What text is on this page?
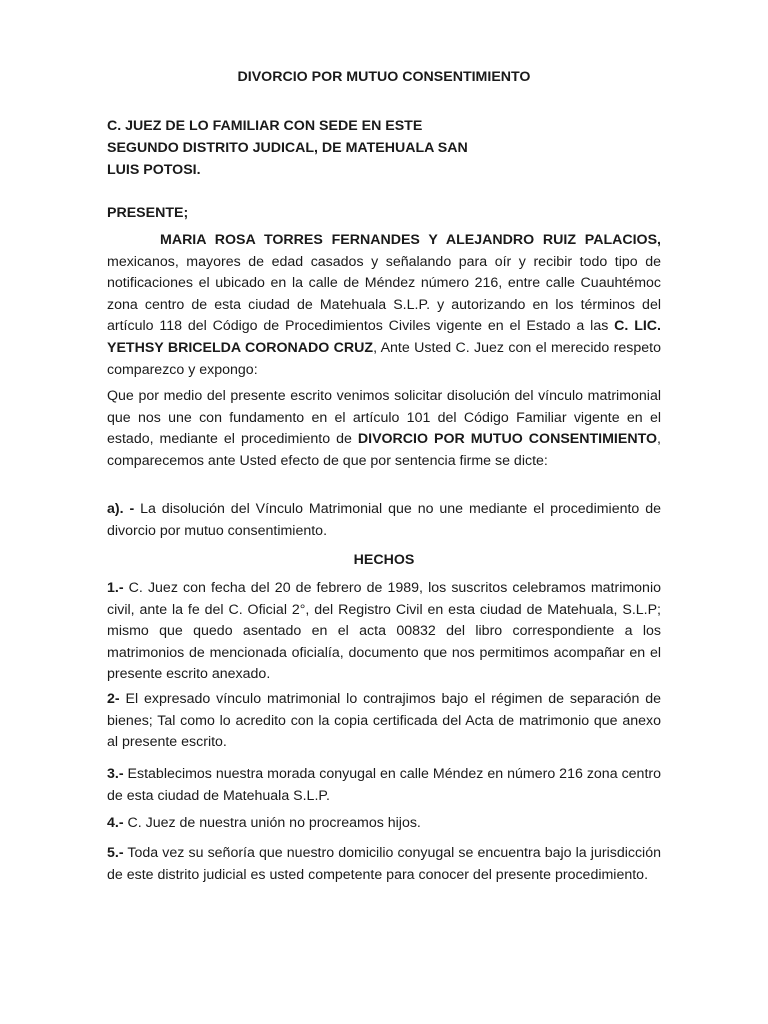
DIVORCIO POR MUTUO CONSENTIMIENTO
C. JUEZ DE LO FAMILIAR CON SEDE EN ESTE
SEGUNDO DISTRITO JUDICAL, DE MATEHUALA SAN
LUIS POTOSI.
PRESENTE;
MARIA ROSA TORRES FERNANDES Y ALEJANDRO RUIZ PALACIOS, mexicanos, mayores de edad casados y señalando para oír y recibir todo tipo de notificaciones el ubicado en la calle de Méndez número 216, entre calle Cuauhtémoc zona centro de esta ciudad de Matehuala S.L.P. y autorizando en los términos del artículo 118 del Código de Procedimientos Civiles vigente en el Estado a las C. LIC. YETHSY BRICELDA CORONADO CRUZ, Ante Usted C. Juez con el merecido respeto comparezco y expongo:
Que por medio del presente escrito venimos solicitar disolución del vínculo matrimonial que nos une con fundamento en el artículo 101 del Código Familiar vigente en el estado, mediante el procedimiento de DIVORCIO POR MUTUO CONSENTIMIENTO, comparecemos ante Usted efecto de que por sentencia firme se dicte:
a). - La disolución del Vínculo Matrimonial que no une mediante el procedimiento de divorcio por mutuo consentimiento.
HECHOS
1.- C. Juez con fecha del 20 de febrero de 1989, los suscritos celebramos matrimonio civil, ante la fe del C. Oficial 2°, del Registro Civil en esta ciudad de Matehuala, S.L.P; mismo que quedo asentado en el acta 00832 del libro correspondiente a los matrimonios de mencionada oficialía, documento que nos permitimos acompañar en el presente escrito anexado.
2- El expresado vínculo matrimonial lo contrajimos bajo el régimen de separación de bienes; Tal como lo acredito con la copia certificada del Acta de matrimonio que anexo al presente escrito.
3.- Establecimos nuestra morada conyugal en calle Méndez en número 216 zona centro de esta ciudad de Matehuala S.L.P.
4.- C. Juez de nuestra unión no procreamos hijos.
5.- Toda vez su señoría que nuestro domicilio conyugal se encuentra bajo la jurisdicción de este distrito judicial es usted competente para conocer del presente procedimiento.
